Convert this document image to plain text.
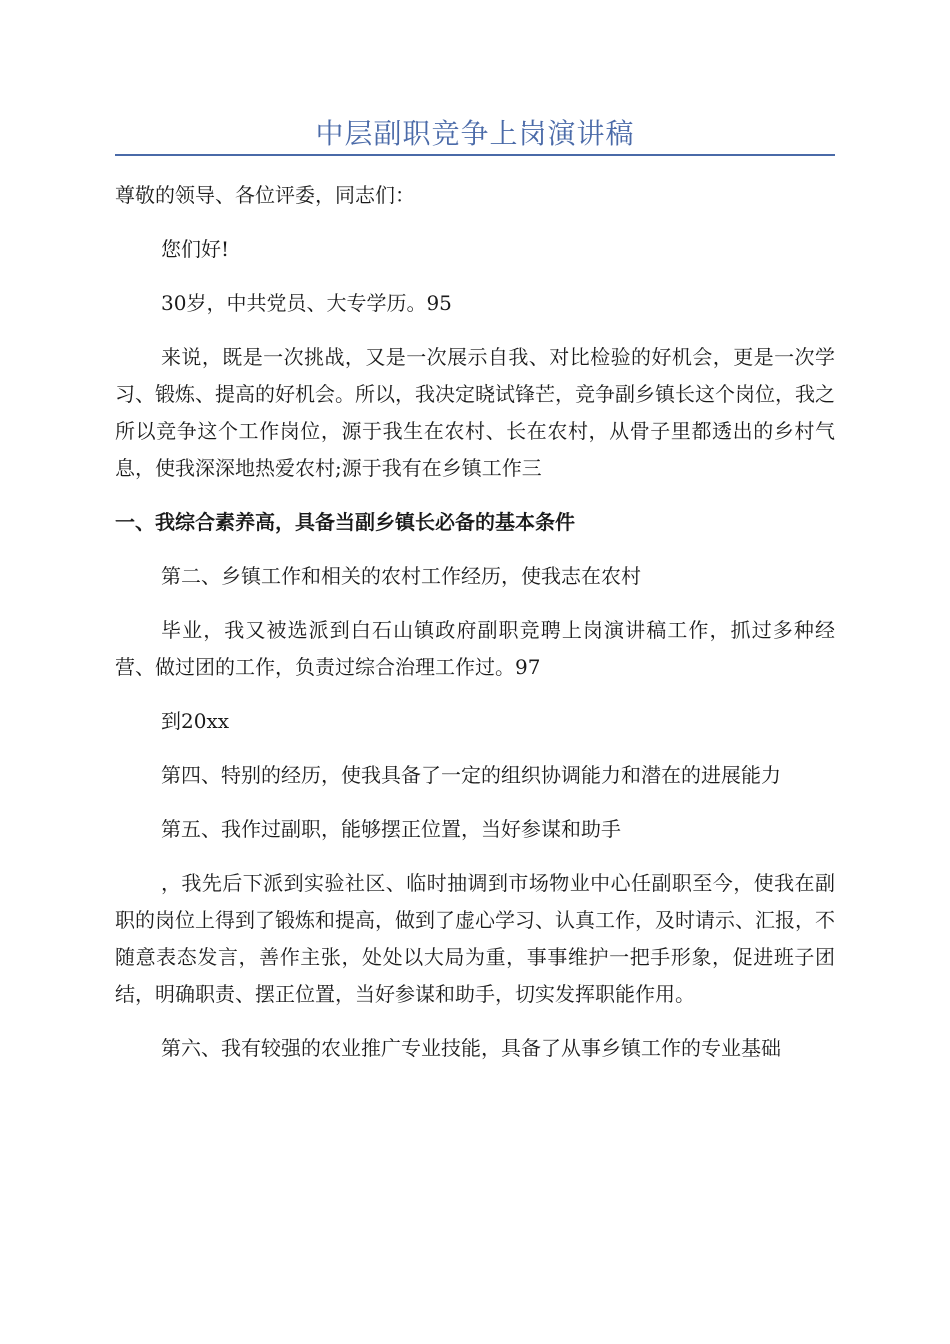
中层副职竞争上岗演讲稿

尊敬的领导、各位评委，同志们：

您们好!

30岁，中共党员、大专学历。95

来说，既是一次挑战，又是一次展示自我、对比检验的好机会，更是一次学习、锻炼、提高的好机会。所以，我决定晓试锋芒，竞争副乡镇长这个岗位，我之所以竞争这个工作岗位，源于我生在农村、长在农村，从骨子里都透出的乡村气息，使我深深地热爱农村;源于我有在乡镇工作三

一、我综合素养高，具备当副乡镇长必备的基本条件

第二、乡镇工作和相关的农村工作经历，使我志在农村

毕业，我又被选派到白石山镇政府副职竞聘上岗演讲稿工作，抓过多种经营、做过团的工作，负责过综合治理工作过。97

到20xx

第四、特别的经历，使我具备了一定的组织协调能力和潜在的进展能力

第五、我作过副职，能够摆正位置，当好参谋和助手

，我先后下派到实验社区、临时抽调到市场物业中心任副职至今，使我在副职的岗位上得到了锻炼和提高，做到了虚心学习、认真工作，及时请示、汇报，不随意表态发言，善作主张，处处以大局为重，事事维护一把手形象，促进班子团结，明确职责、摆正位置，当好参谋和助手，切实发挥职能作用。

第六、我有较强的农业推广专业技能，具备了从事乡镇工作的专业基础
